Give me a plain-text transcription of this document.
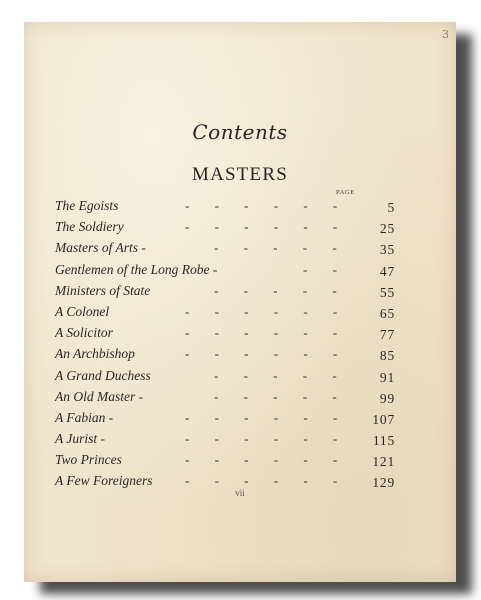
3
Contents
MASTERS
PAGE
The Egoists	- - - - - -	5
The Soldiery	- - - - - -	25
Masters of Arts -	- - - - -	35
Gentlemen of the Long Robe -	- -	47
Ministers of State	- - - - -	55
A Colonel	- - - - - -	65
A Solicitor	- - - - - -	77
An Archbishop	- - - - - -	85
A Grand Duchess	- - - - -	91
An Old Master -	- - - - -	99
A Fabian -	- - - - - -	107
A Jurist -	- - - - - -	115
Two Princes	- - - - - -	121
A Few Foreigners	- - - - - -	129
vii
